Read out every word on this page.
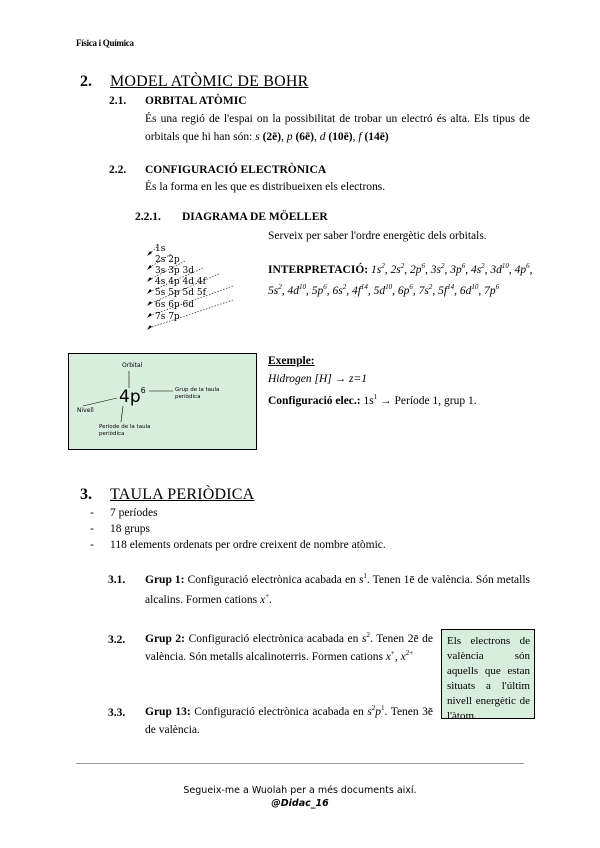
Física i Química
2. MODEL ATÒMIC DE BOHR
2.1. ORBITAL ATÒMIC
És una regió de l'espai on la possibilitat de trobar un electró és alta. Els tipus de orbitals que hi han són: s (2ē), p (6ē), d (10ē), f (14ē)
2.2. CONFIGURACIÓ ELECTRÒNICA
És la forma en les que es distribueixen els electrons.
2.2.1. DIAGRAMA DE MÖELLER
Serveix per saber l'ordre energètic dels orbitals.
1s
2s 2p
3s 3p 3d
4s 4p 4d 4f
5s 5p 5d 5f
6s 6p 6d
7s 7p
INTERPRETACIÓ: $1s^2$, $2s^2$, $2p^6$, $3s^2$, $3p^6$, $4s^2$, $3d^{10}$, $4p^6$, $5s^2$, $4d^{10}$, $5p^6$, $6s^2$, $4f^{14}$, $5d^{10}$, $6p^6$, $7s^2$, $5f^{14}$, $6d^{10}$, $7p^6$
Orbital
$4p^6$	Grup de la taula periòdica
Nivell
Període de la taula periòdica
Exemple:
Hidrogen [H] → z=1
Configuració elec.: $1s^1$ → Període 1, grup 1.
3. TAULA PERIÒDICA
- 7 períodes
- 18 grups
- 118 elements ordenats per ordre creixent de nombre atòmic.
3.1. Grup 1: Configuració electrònica acabada en $s^1$. Tenen 1ē de valència. Són metalls alcalins. Formen cations x+.
3.2. Grup 2: Configuració electrònica acabada en $s^2$. Tenen 2ē de valència. Són metalls alcalinoterris. Formen cations x+, $x^{2+}$
3.3. Grup 13: Configuració electrònica acabada en $s^2p^1$. Tenen 3ē de valència.
Els electrons de valència són aquells que estan situats a l'últim nivell energètic de l'àtom.
Segueix-me a Wuolah per a més documents així.
@Didac_16
